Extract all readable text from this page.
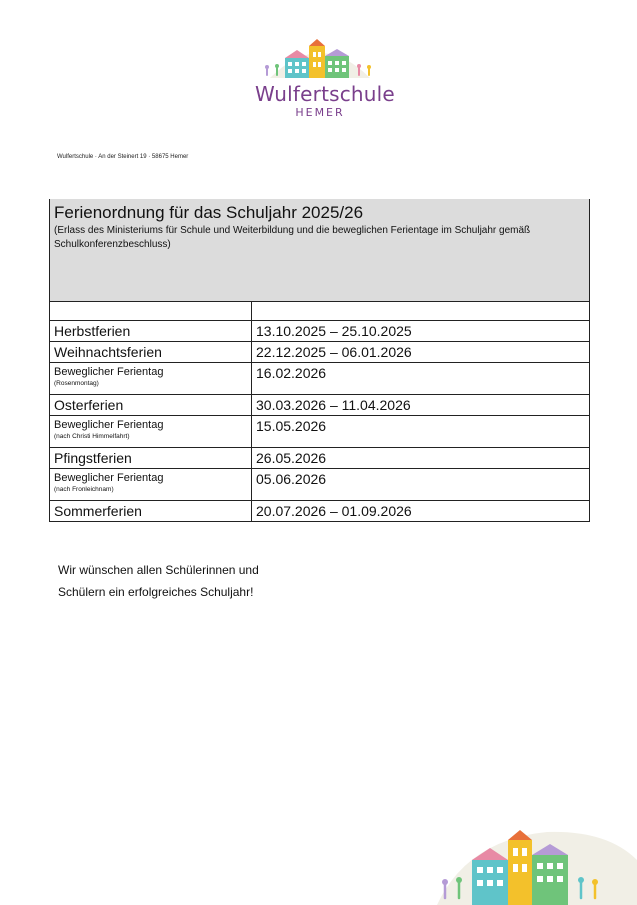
Wulfertschule
HEMER
Wulfertschule · An der Steinert 19 · 58675 Hemer
Ferienordnung für das Schuljahr 2025/26
(Erlass des Ministeriums für Schule und Weiterbildung und die beweglichen Ferientage im Schuljahr gemäß Schulkonferenzbeschluss)	

Herbstferien	13.10.2025 – 25.10.2025
Weihnachtsferien	22.12.2025 – 06.01.2026

Beweglicher Ferientag
(Rosenmontag)	16.02.2026
Osterferien	30.03.2026 – 11.04.2026

Beweglicher Ferientag
(nach Christi Himmelfahrt)	15.05.2026
Pfingstferien	26.05.2026

Beweglicher Ferientag
(nach Fronleichnam)	05.06.2026
Sommerferien	20.07.2026 – 01.09.2026
Wir wünschen allen Schülerinnen und
Schülern ein erfolgreiches Schuljahr!
